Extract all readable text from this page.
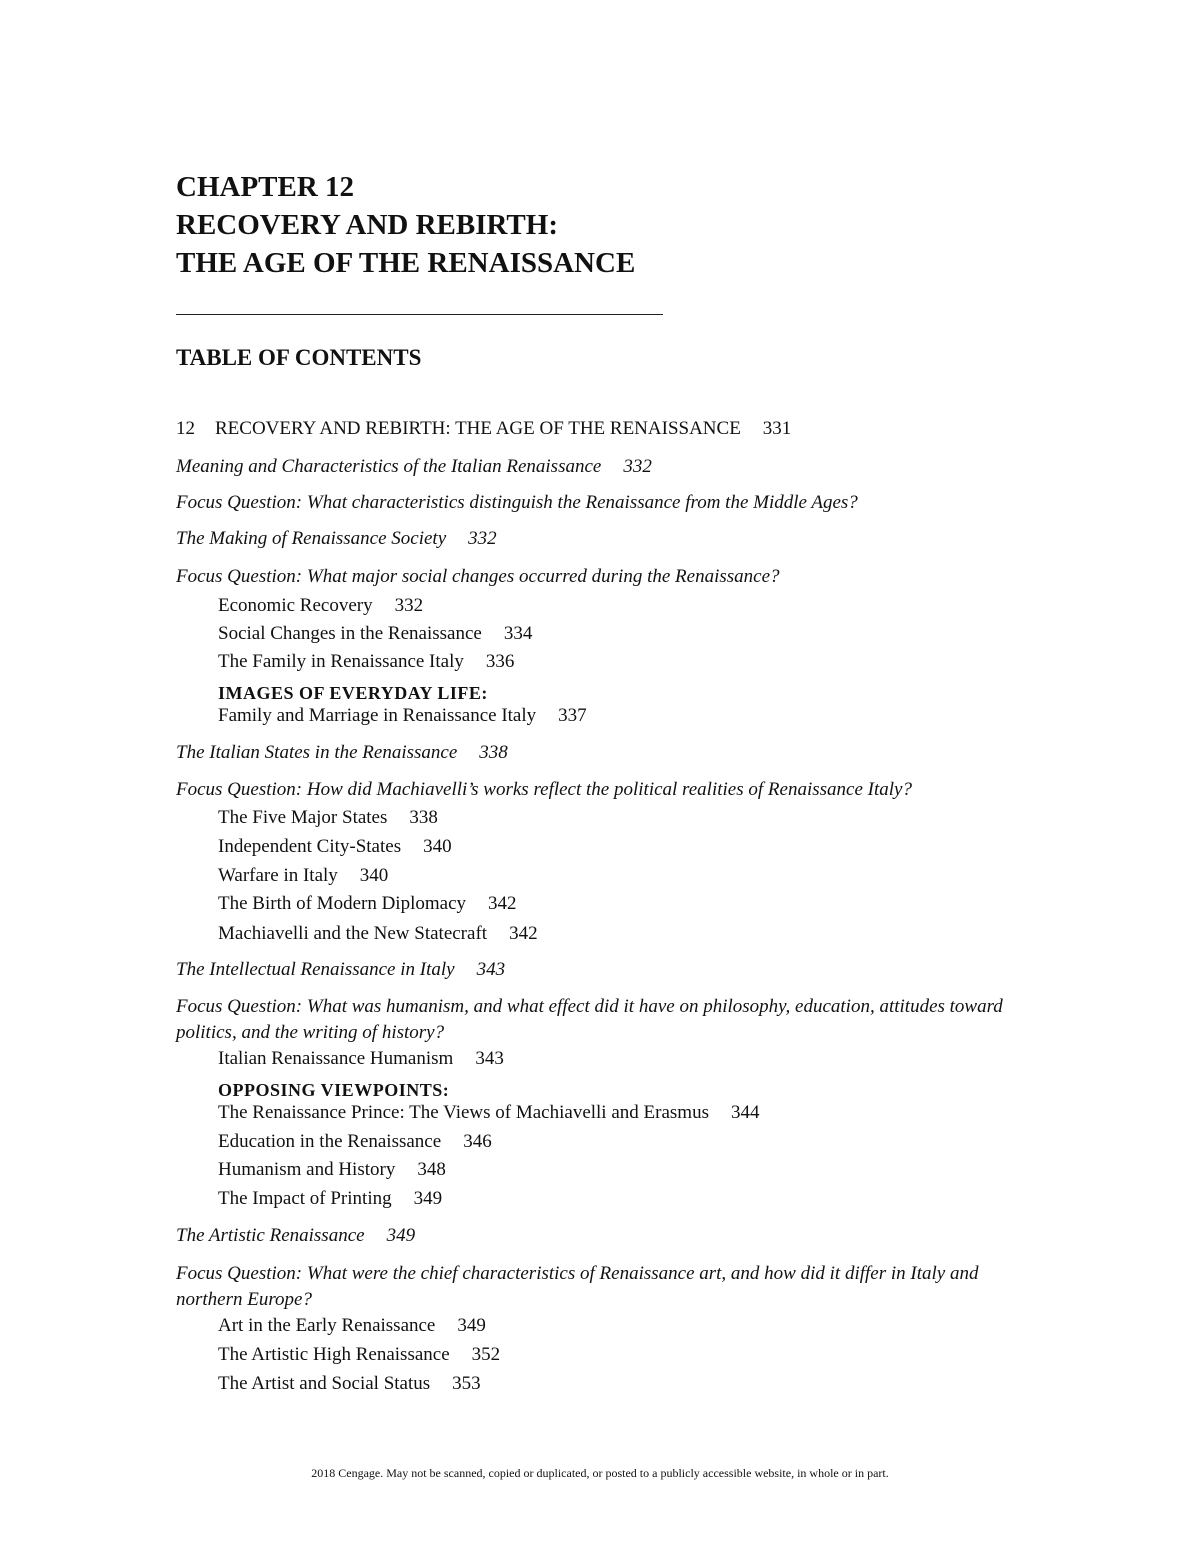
CHAPTER 12
RECOVERY AND REBIRTH:
THE AGE OF THE RENAISSANCE
TABLE OF CONTENTS
12 RECOVERY AND REBIRTH: THE AGE OF THE RENAISSANCE 331
Meaning and Characteristics of the Italian Renaissance 332
Focus Question: What characteristics distinguish the Renaissance from the Middle Ages?
The Making of Renaissance Society 332
Focus Question: What major social changes occurred during the Renaissance?
Economic Recovery 332
Social Changes in the Renaissance 334
The Family in Renaissance Italy 336
IMAGES OF EVERYDAY LIFE:
Family and Marriage in Renaissance Italy 337
The Italian States in the Renaissance 338
Focus Question: How did Machiavelli’s works reflect the political realities of Renaissance Italy?
The Five Major States 338
Independent City-States 340
Warfare in Italy 340
The Birth of Modern Diplomacy 342
Machiavelli and the New Statecraft 342
The Intellectual Renaissance in Italy 343
Focus Question: What was humanism, and what effect did it have on philosophy, education, attitudes toward politics, and the writing of history?
Italian Renaissance Humanism 343
OPPOSING VIEWPOINTS:
The Renaissance Prince: The Views of Machiavelli and Erasmus 344
Education in the Renaissance 346
Humanism and History 348
The Impact of Printing 349
The Artistic Renaissance 349
Focus Question: What were the chief characteristics of Renaissance art, and how did it differ in Italy and northern Europe?
Art in the Early Renaissance 349
The Artistic High Renaissance 352
The Artist and Social Status 353
2018 Cengage. May not be scanned, copied or duplicated, or posted to a publicly accessible website, in whole or in part.
